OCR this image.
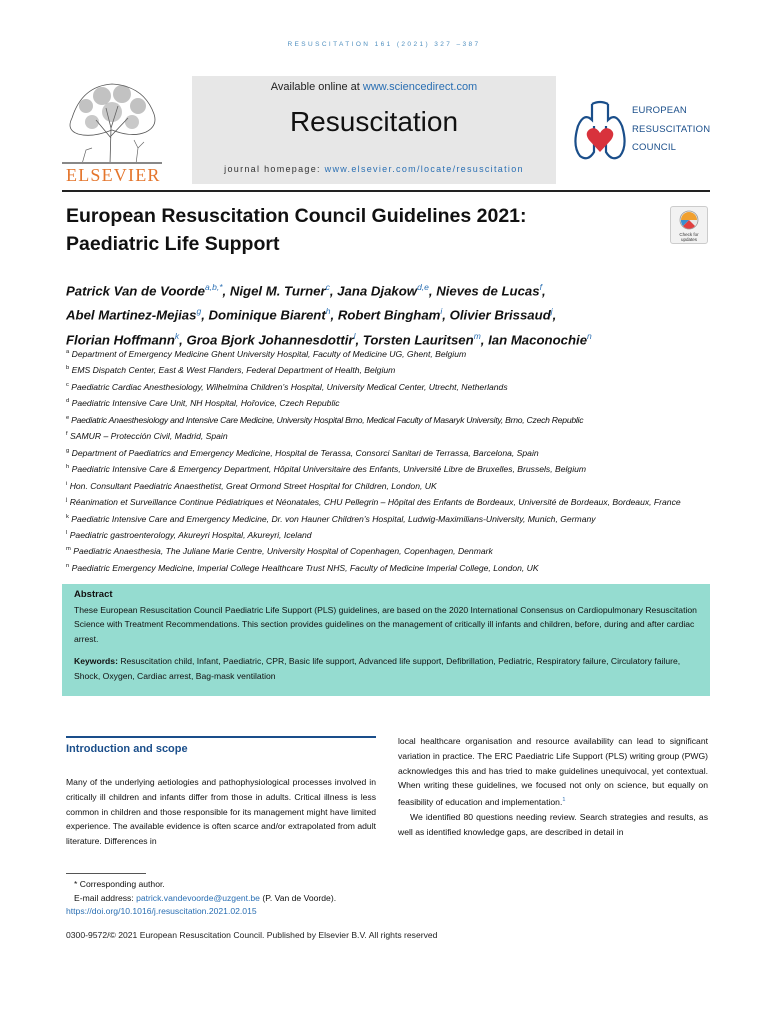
RESUSCITATION 161 (2021) 327 –387
ELSEVIER
Available online at www.sciencedirect.com
Resuscitation
journal homepage: www.elsevier.com/locate/resuscitation
EUROPEAN
RESUSCITATION
COUNCIL
European Resuscitation Council Guidelines 2021:
Paediatric Life Support	Check for
updates
Patrick Van de Voorde$^{a,b,*}$, Nigel M. Turner$^c$, Jana Djakow$^{d,e}$, Nieves de Lucas$^f$,
Abel Martinez-Mejias$^g$, Dominique Biarent$^h$, Robert Bingham$^i$, Olivier Brissaud$^j$,
Florian Hoffmann$^k$, Groa Bjork Johannesdottir$^l$, Torsten Lauritsen$^m$, Ian Maconochie$^n$
$^a$ Department of Emergency Medicine Ghent University Hospital, Faculty of Medicine UG, Ghent, Belgium
$^b$ EMS Dispatch Center, East & West Flanders, Federal Department of Health, Belgium
$^c$ Paediatric Cardiac Anesthesiology, Wilhelmina Children’s Hospital, University Medical Center, Utrecht, Netherlands
$^d$ Paediatric Intensive Care Unit, NH Hospital, Hořovice, Czech Republic
$^e$ Paediatric Anaesthesiology and Intensive Care Medicine, University Hospital Brno, Medical Faculty of Masaryk University, Brno, Czech Republic
$^f$ SAMUR – Protección Civil, Madrid, Spain
$^g$ Department of Paediatrics and Emergency Medicine, Hospital de Terassa, Consorci Sanitari de Terrassa, Barcelona, Spain
$^h$ Paediatric Intensive Care & Emergency Department, Hôpital Universitaire des Enfants, Université Libre de Bruxelles, Brussels, Belgium
$^i$ Hon. Consultant Paediatric Anaesthetist, Great Ormond Street Hospital for Children, London, UK
$^j$ Réanimation et Surveillance Continue Pédiatriques et Néonatales, CHU Pellegrin – Hôpital des Enfants de Bordeaux, Université de Bordeaux, Bordeaux, France
$^k$ Paediatric Intensive Care and Emergency Medicine, Dr. von Hauner Children’s Hospital, Ludwig-Maximilians-University, Munich, Germany
$^l$ Paediatric gastroenterology, Akureyri Hospital, Akureyri, Iceland
$^m$ Paediatric Anaesthesia, The Juliane Marie Centre, University Hospital of Copenhagen, Copenhagen, Denmark
$^n$ Paediatric Emergency Medicine, Imperial College Healthcare Trust NHS, Faculty of Medicine Imperial College, London, UK
Abstract
These European Resuscitation Council Paediatric Life Support (PLS) guidelines, are based on the 2020 International Consensus on Cardiopulmonary Resuscitation Science with Treatment Recommendations. This section provides guidelines on the management of critically ill infants and children, before, during and after cardiac arrest.
Keywords: Resuscitation child, Infant, Paediatric, CPR, Basic life support, Advanced life support, Defibrillation, Pediatric, Respiratory failure, Circulatory failure, Shock, Oxygen, Cardiac arrest, Bag-mask ventilation
Introduction and scope

Many of the underlying aetiologies and pathophysiological processes involved in critically ill children and infants differ from those in adults. Critical illness is less common in children and those responsible for its management might have limited experience. The available evidence is often scarce and/or extrapolated from adult literature. Differences in

local healthcare organisation and resource availability can lead to significant variation in practice. The ERC Paediatric Life Support (PLS) writing group (PWG) acknowledges this and has tried to make guidelines unequivocal, yet contextual. When writing these guidelines, we focused not only on science, but equally on feasibility of education and implementation.$^1$

We identified 80 questions needing review. Search strategies and results, as well as identified knowledge gaps, are described in detail in

* Corresponding author.
E-mail address: patrick.vandevoorde@uzgent.be (P. Van de Voorde).
https://doi.org/10.1016/j.resuscitation.2021.02.015
0300-9572/© 2021 European Resuscitation Council. Published by Elsevier B.V. All rights reserved
